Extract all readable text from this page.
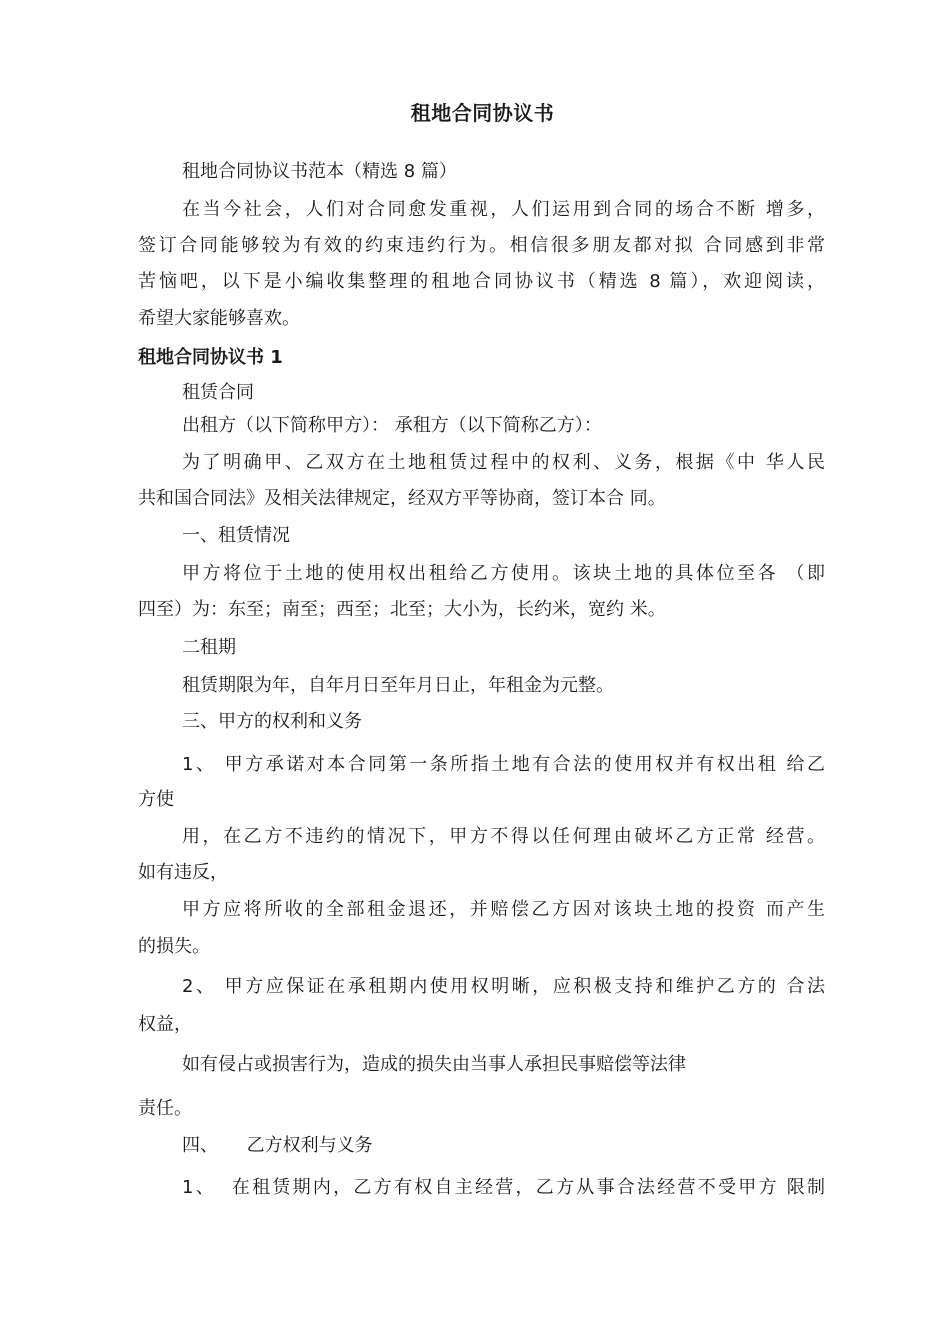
租地合同协议书
租地合同协议书范本（精选 8 篇）
在当今社会，人们对合同愈发重视，人们运用到合同的场合不断 增多，
签订合同能够较为有效的约束违约行为。相信很多朋友都对拟 合同感到非常
苦恼吧，以下是小编收集整理的租地合同协议书（精选 8 篇），欢迎阅读，
希望大家能够喜欢。
租地合同协议书 1
租赁合同
出租方（以下简称甲方）： 承租方（以下简称乙方）：
为了明确甲、乙双方在土地租赁过程中的权利、义务，根据《中 华人民
共和国合同法》及相关法律规定，经双方平等协商，签订本合 同。
一、租赁情况
甲方将位于土地的使用权出租给乙方使用。该块土地的具体位至各 （即
四至）为：东至；南至；西至；北至；大小为，长约米，宽约 米。
二租期
租赁期限为年，自年月日至年月日止，年租金为元整。
三、甲方的权利和义务
1、 甲方承诺对本合同第一条所指土地有合法的使用权并有权出租 给乙
方使
用，在乙方不违约的情况下，甲方不得以任何理由破坏乙方正常 经营。
如有违反，
甲方应将所收的全部租金退还，并赔偿乙方因对该块土地的投资 而产生
的损失。
2、 甲方应保证在承租期内使用权明晰，应积极支持和维护乙方的 合法
权益，
如有侵占或损害行为，造成的损失由当事人承担民事赔偿等法律
责任。
四、     乙方权利与义务
1、  在租赁期内，乙方有权自主经营，乙方从事合法经营不受甲方 限制
